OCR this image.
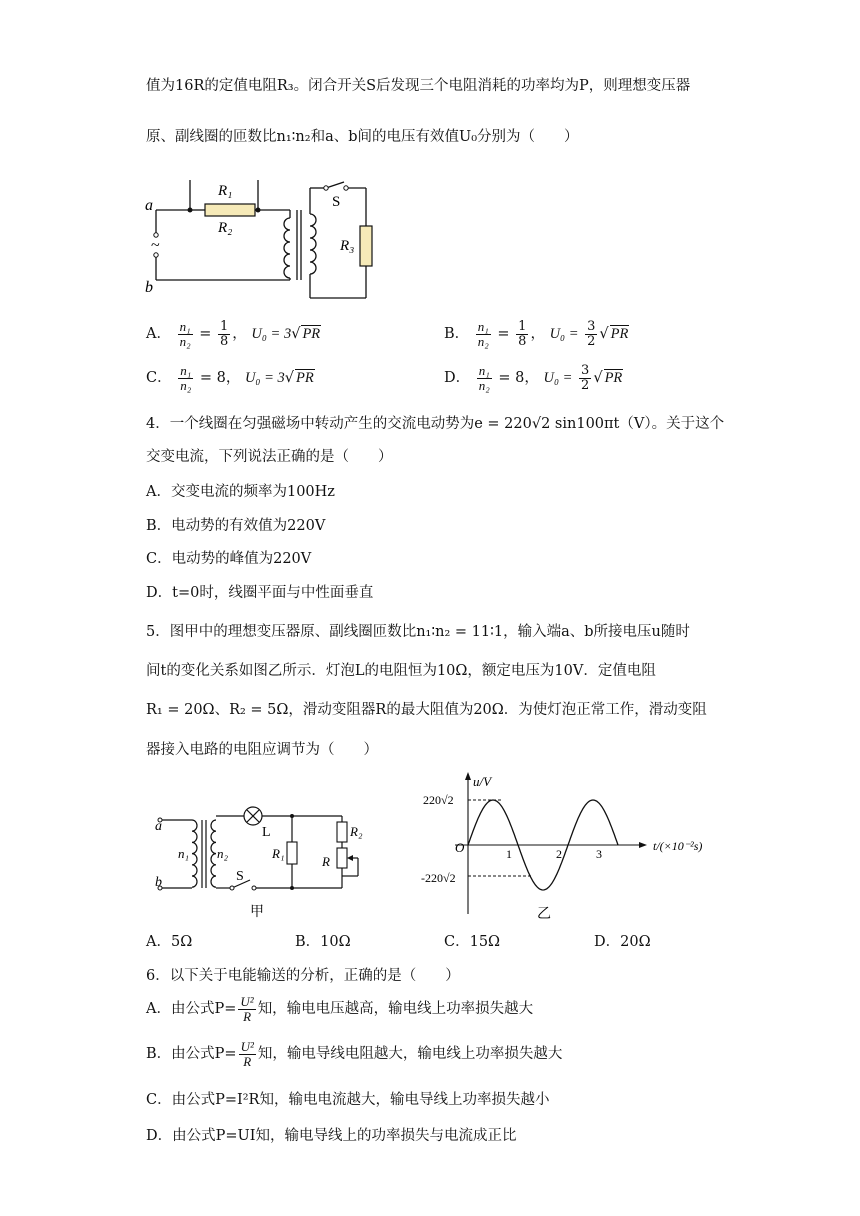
值为16R的定值电阻R₃。闭合开关S后发现三个电阻消耗的功率均为P，则理想变压器
原、副线圈的匝数比n₁∶n₂和a、b间的电压有效值U₀分别为（　　）
a
b
~
R₁
R₂
R₃
S
A． $\frac{\text{n₁}}{\text{n₂}} = \frac{1}{8}$ ， U₀ = 3√ PR	B． $\frac{\text{n₁}}{\text{n₂}} = \frac{1}{8}$ ， $U_0 = \frac{3}{2}$ √ PR
C． $\frac{\text{n₁}}{\text{n₂}} = 8$， U₀ = 3√ PR	D． $\frac{\text{n₁}}{\text{n₂}} = 8$， $U_0 = \frac{3}{2}$ √ PR
4．一个线圈在匀强磁场中转动产生的交流电动势为e = 220√2 sin100πt（V）。关于这个
交变电流，下列说法正确的是（　　）
A．交变电流的频率为100Hz
B．电动势的有效值为220V
C．电动势的峰值为220V
D．t=0时，线圈平面与中性面垂直
5．图甲中的理想变压器原、副线圈匝数比n₁∶n₂ = 11∶1，输入端a、b所接电压u随时
间t的变化关系如图乙所示．灯泡L的电阻恒为10Ω，额定电压为10V．定值电阻
R₁ = 20Ω、R₂ = 5Ω，滑动变阻器R的最大阻值为20Ω．为使灯泡正常工作，滑动变阻
器接入电路的电阻应调节为（　　）
a
b
n₁ n₂
L
S
R₁
R₂
R
甲
u/V
t/(×10⁻²s)
220√2
-220√2
O	1	2	3
乙
A．5Ω	B．10Ω	C．15Ω	D．20Ω
6．以下关于电能输送的分析，正确的是（　　）
A．由公式$P= \frac{\text{U²}}{R}$ 知，输电电压越高，输电线上功率损失越大
B．由公式$P= \frac{\text{U²}}{R}$ 知，输电导线电阻越大，输电线上功率损失越大
C．由公式P=I²R知，输电电流越大，输电导线上功率损失越小
D．由公式P=UI知，输电导线上的功率损失与电流成正比
